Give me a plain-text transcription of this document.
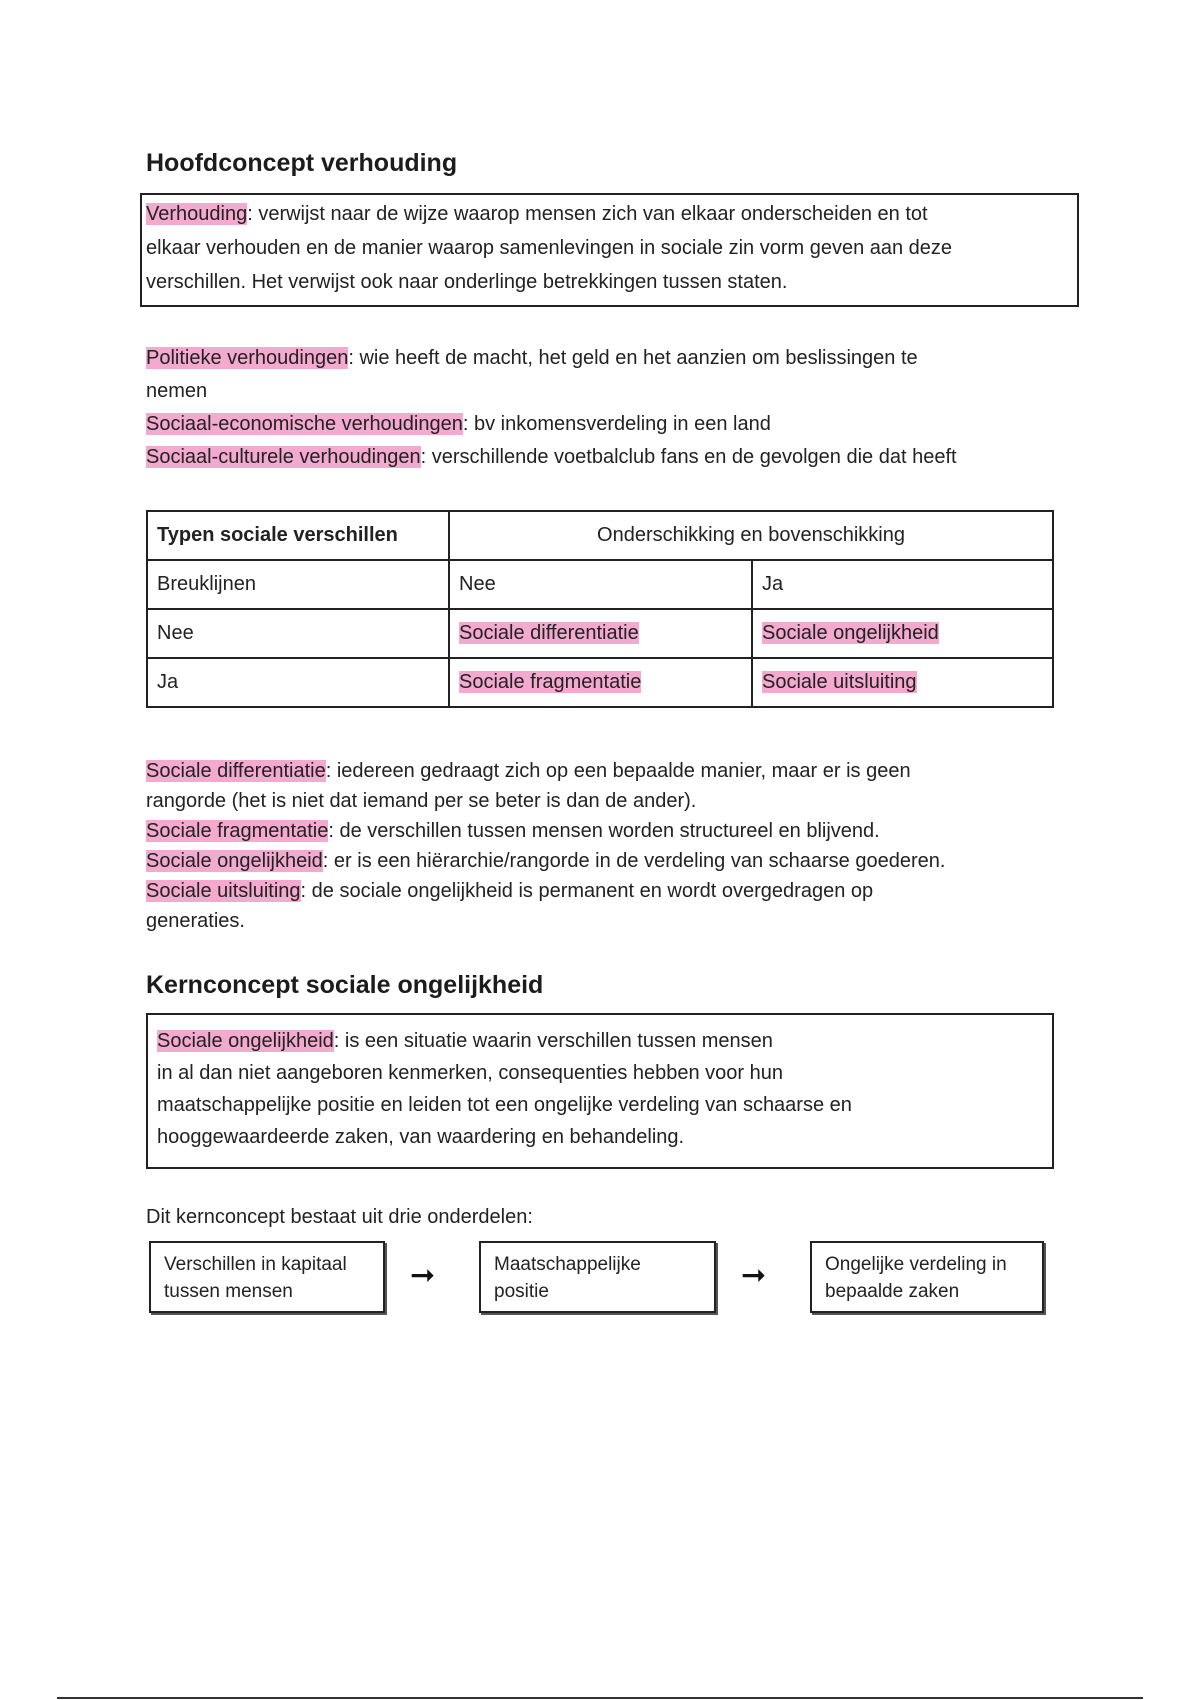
Hoofdconcept verhouding
Verhouding: verwijst naar de wijze waarop mensen zich van elkaar onderscheiden en tot
elkaar verhouden en de manier waarop samenlevingen in sociale zin vorm geven aan deze
verschillen. Het verwijst ook naar onderlinge betrekkingen tussen staten.

Politieke verhoudingen: wie heeft de macht, het geld en het aanzien om beslissingen te

nemen

Sociaal-economische verhoudingen: bv inkomensverdeling in een land

Sociaal-culturele verhoudingen: verschillende voetbalclub fans en de gevolgen die dat heeft

Typen sociale verschillen	Onderschikking en bovenschikking	
Breuklijnen	Nee	Ja
Nee	Sociale differentiatie	Sociale ongelijkheid
Ja	Sociale fragmentatie	Sociale uitsluiting

Sociale differentiatie: iedereen gedraagt zich op een bepaalde manier, maar er is geen

rangorde (het is niet dat iemand per se beter is dan de ander).

Sociale fragmentatie: de verschillen tussen mensen worden structureel en blijvend.

Sociale ongelijkheid: er is een hiërarchie/rangorde in de verdeling van schaarse goederen.

Sociale uitsluiting: de sociale ongelijkheid is permanent en wordt overgedragen op

generaties.

Kernconcept sociale ongelijkheid
Sociale ongelijkheid: is een situatie waarin verschillen tussen mensen
in al dan niet aangeboren kenmerken, consequenties hebben voor hun
maatschappelijke positie en leiden tot een ongelijke verdeling van schaarse en
hooggewaardeerde zaken, van waardering en behandeling.
Dit kernconcept bestaat uit drie onderdelen:
Verschillen in kapitaal
tussen mensen	➞	Maatschappelijke
positie	➞	Ongelijke verdeling in
bepaalde zaken
